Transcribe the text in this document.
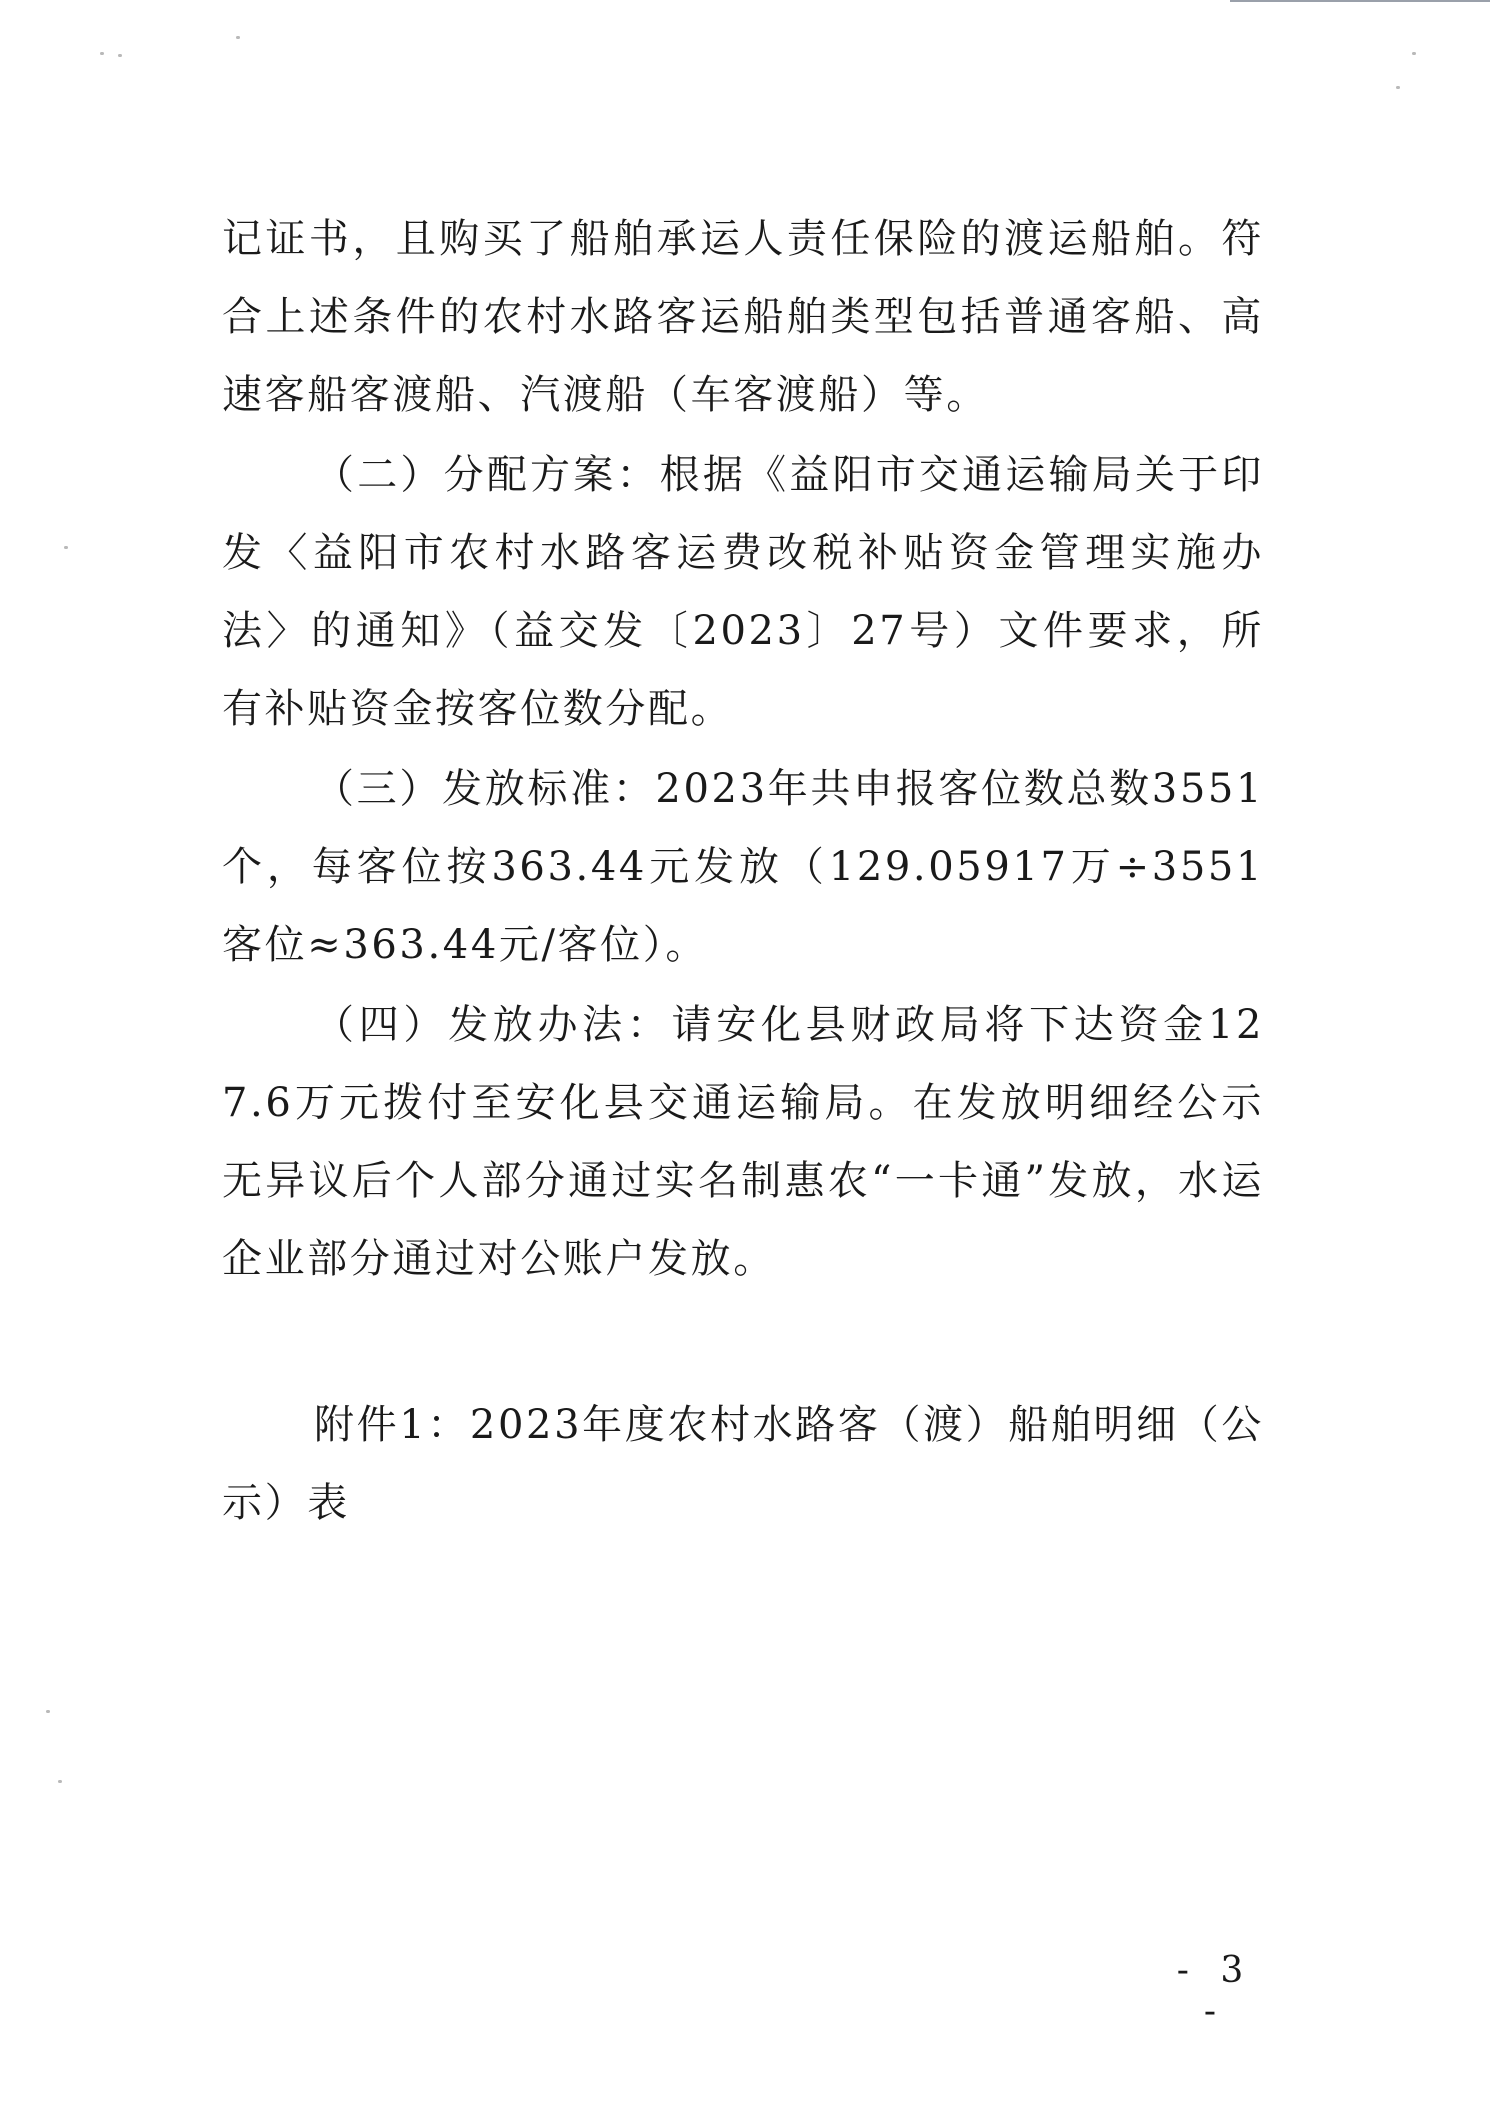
记证书，且购买了船舶承运人责任保险的渡运船舶。符合上述条件的农村水路客运船舶类型包括普通客船、高速客船客渡船、汽渡船（车客渡船）等。

（二）分配方案：根据《益阳市交通运输局关于印发〈益阳市农村水路客运费改税补贴资金管理实施办法〉的通知》（益交发〔2023〕27号）文件要求，所有补贴资金按客位数分配。

（三）发放标准：2023年共申报客位数总数3551个，每客位按363.44元发放（129.05917万÷3551客位≈363.44元/客位）。

（四）发放办法：请安化县财政局将下达资金127.6万元拨付至安化县交通运输局。在发放明细经公示无异议后个人部分通过实名制惠农“一卡通”发放，水运企业部分通过对公账户发放。

附件1：2023年度农村水路客（渡）船舶明细（公示）表

- 3 -
